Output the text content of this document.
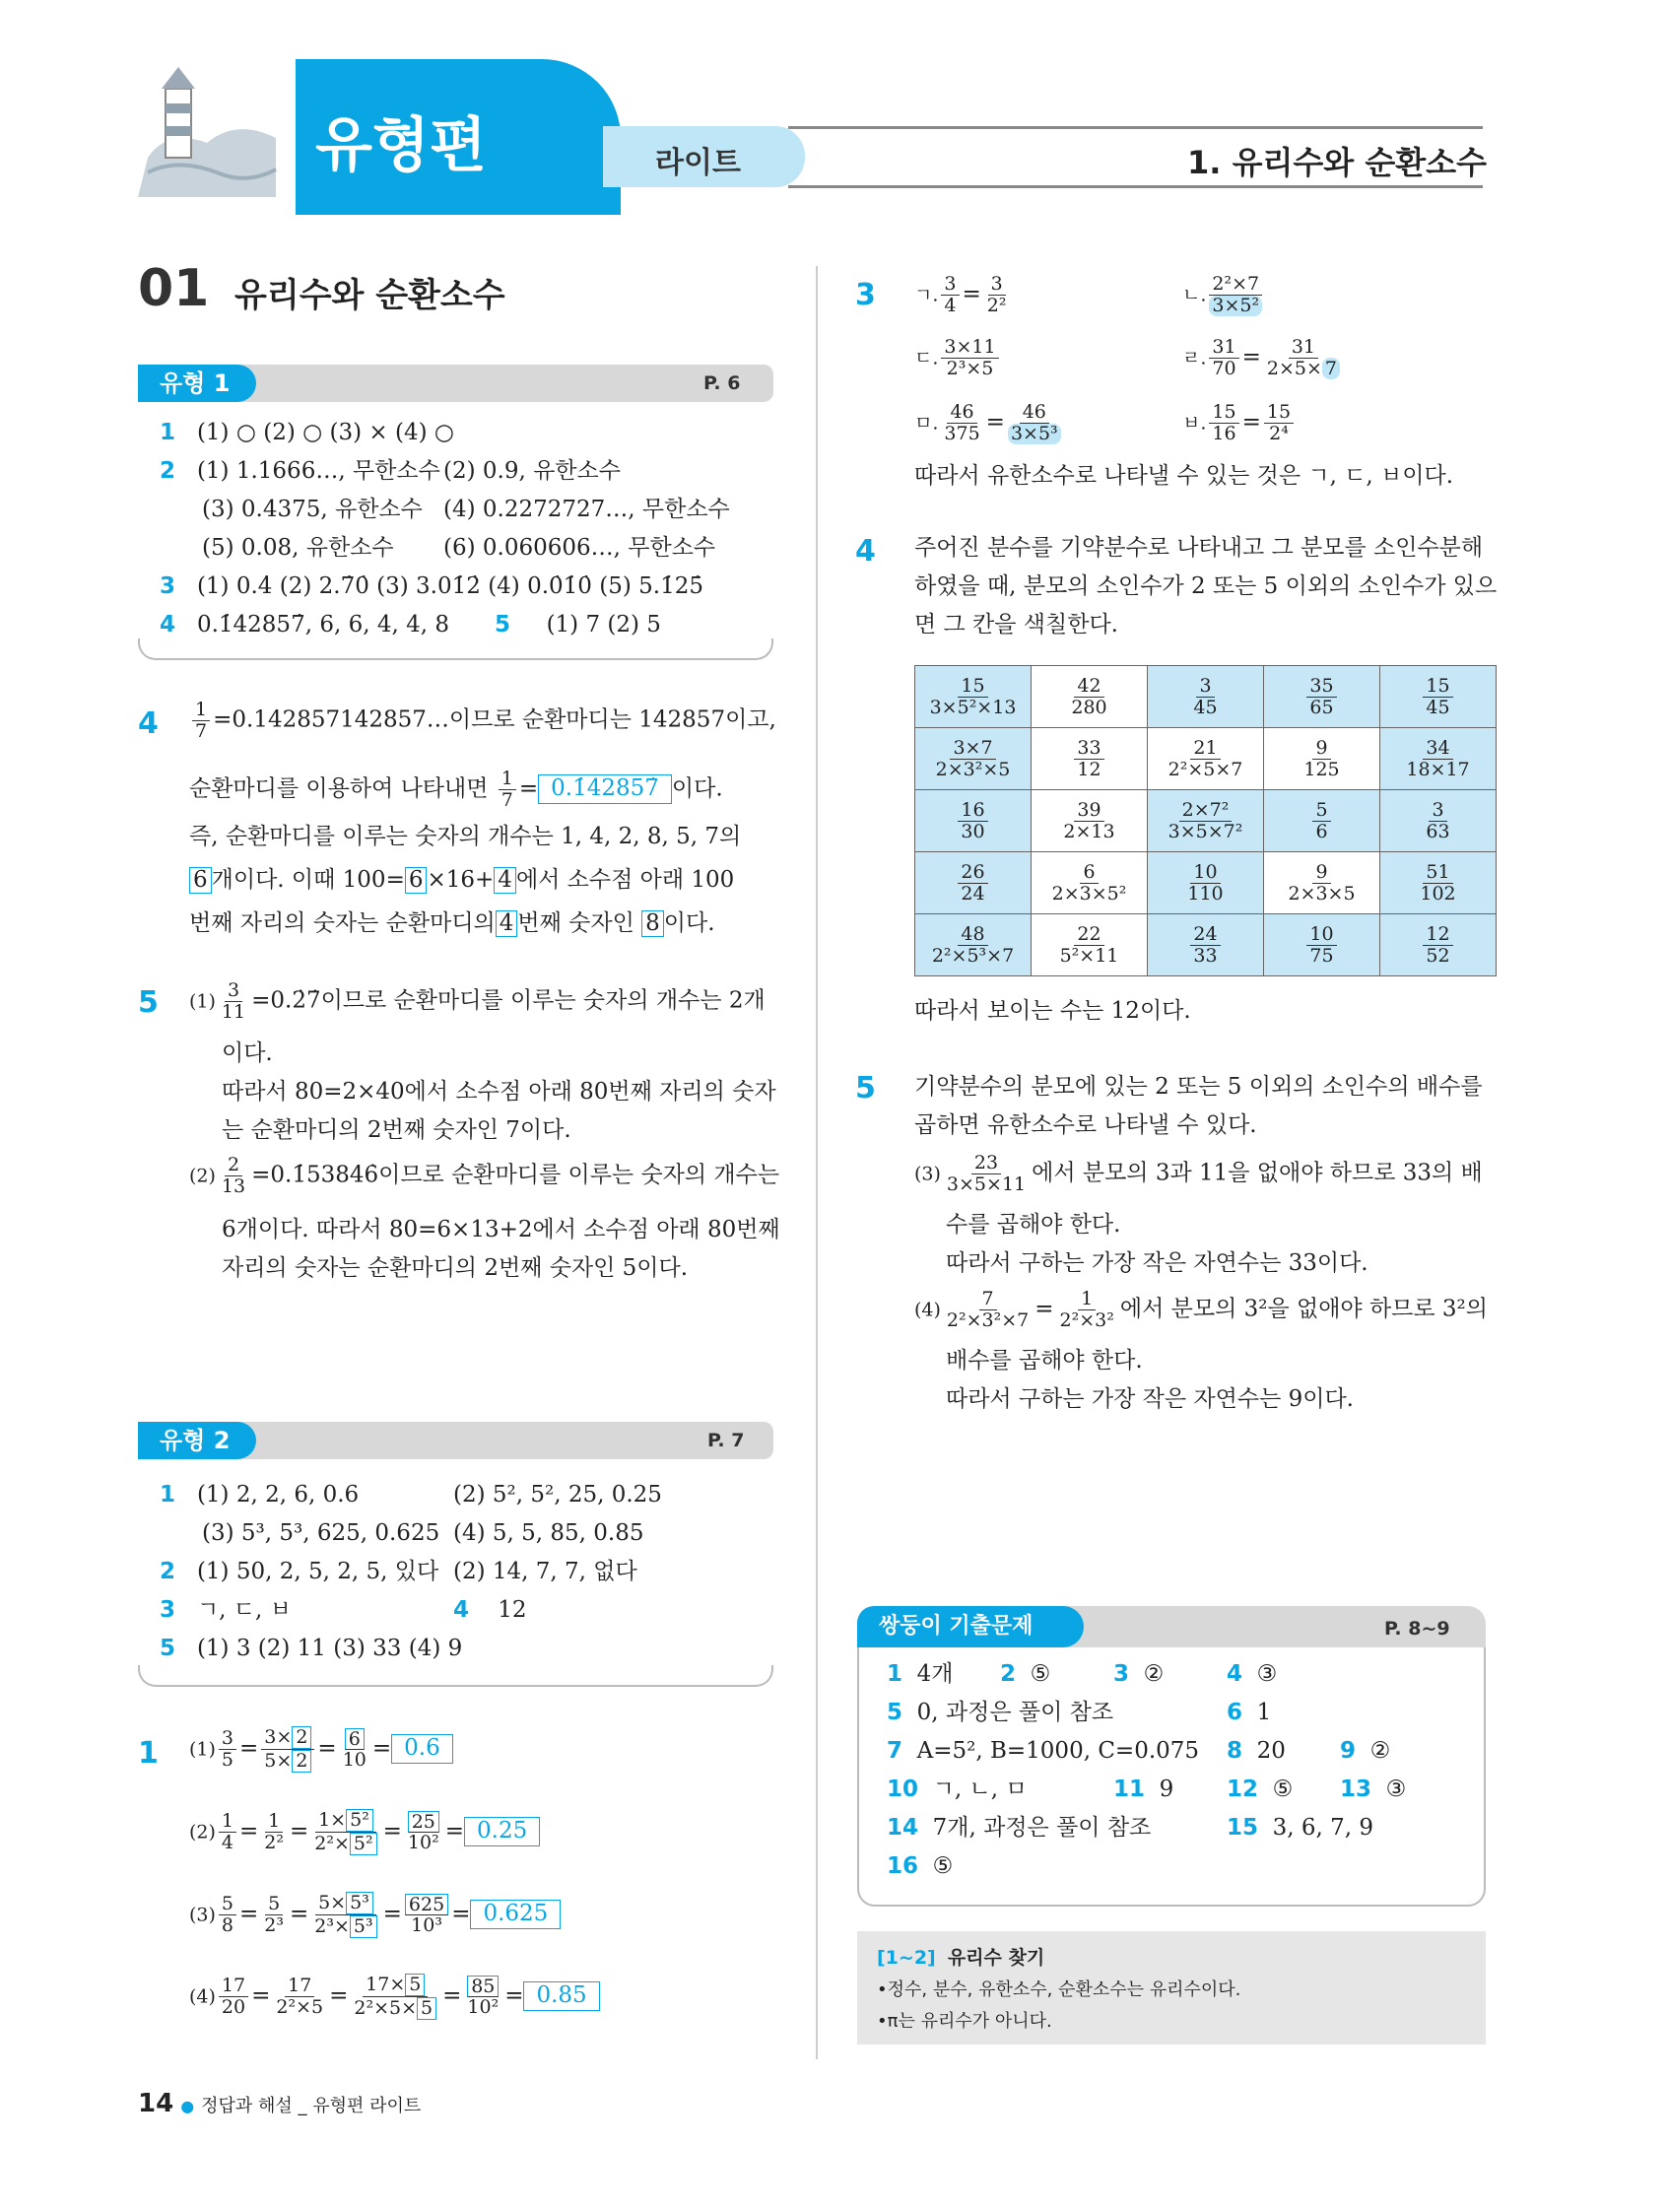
유형편	라이트	1. 유리수와 순환소수
01 유리수와 순환소수
유형 1	P. 6
1 (1) ○ (2) ○ (3) × (4) ○
2 (1) 1.1666…, 무한소수 (2) 0.9, 유한소수
(3) 0.4375, 유한소수 (4) 0.2272727…, 무한소수
(5) 0.08, 유한소수 (6) 0.060606…, 무한소수
3 (1) 0.4̇ (2) 2.7̇0̇ (3) 3.01̇2̇ (4) 0.0̇1̇0̇ (5) 5.1̇25̇
4 0.1̇42857̇, 6, 6, 4, 4, 8 5 (1) 7 (2) 5
$4 \frac{1}{7}$ =0.142857142857…이므로 순환마디는 142857이고,
순환마디를 이용하여 나타내면 $\frac{1}{7}$ = 0.1̇42857̇ 이다.
즉, 순환마디를 이루는 숫자의 개수는 1, 4, 2, 8, 5, 7의
6 개이다. 이때 100= 6 ×16+ 4 에서 소수점 아래 100
번째 자리의 숫자는 순환마디의 4 번째 숫자인 8 이다.
5 $(1) \frac{3}{11}$ =0.2̇7̇이므로 순환마디를 이루는 숫자의 개수는 2개
이다.
따라서 80=2×40에서 소수점 아래 80번째 자리의 숫자
는 순환마디의 2번째 숫자인 7이다.
$(2) \frac{2}{13}$ =0.1̇53846̇이므로 순환마디를 이루는 숫자의 개수는
6개이다. 따라서 80=6×13+2에서 소수점 아래 80번째
자리의 숫자는 순환마디의 2번째 숫자인 5이다.
유형 2	P. 7
1 (1) 2, 2, 6, 0.6	(2) 5², 5², 25, 0.25
(3) 5³, 5³, 625, 0.625 (4) 5, 5, 85, 0.85
2 (1) 50, 2, 5, 2, 5, 있다 (2) 14, 7, 7, 없다
3 ㄱ, ㄷ, ㅂ	4 12
5 (1) 3 (2) 11 (3) 33 (4) 9
1 $(1) \frac{3}{5} = \frac{3\times 2}{5\times 2} = \frac{6}{10} = 0.6$
$(2) \frac{1}{4} = \frac{1}{\text{2²}} = \frac{\text{1× 5²}}{\text{2²× 5²}} = \frac{25}{\text{10²}} = 0.25$
$(3) \frac{5}{8} = \frac{5}{\text{2³}} = \frac{\text{5× 5³}}{\text{2³× 5³}} = \frac{625}{\text{10³}} = 0.625$
$(4) \frac{17}{20} = \frac{17}{\text{2²×5}} = \frac{17\times 5}{\text{2²×5× 5}} = \frac{85}{\text{10²}} = 0.85$
14 ● 정답과 해설 _ 유형편 라이트
3 ㄱ. $\frac{3}{4} = \frac{3}{\text{2²}}$	ㄴ. $\frac{\text{2²×7}}{\text{3×5²}}$
ㄷ. $\frac{3\times 11}{\text{2³×5}}$	ㄹ. $\frac{31}{70} = \frac{31}{2\times 5\times 7}$
ㅁ. $\frac{46}{375} = \frac{46}{\text{3×5³}}$	ㅂ. $\frac{15}{16} = \frac{15}{\text{2⁴}}$
따라서 유한소수로 나타낼 수 있는 것은 ㄱ, ㄷ, ㅂ이다.
4 주어진 분수를 기약분수로 나타내고 그 분모를 소인수분해
하였을 때, 분모의 소인수가 2 또는 5 이외의 소인수가 있으
면 그 칸을 색칠한다.
$\frac{15}{\text{3×5²×13}}$	$\frac{42}{280}$	$\frac{3}{45}$	$\frac{35}{65}$	$\frac{15}{45}$

$\frac{3\times 7}{\text{2×3²×5}}$	$\frac{33}{12}$	$\frac{21}{\text{2²×5×7}}$	$\frac{9}{125}$	$\frac{34}{18\times 17}$

$\frac{16}{30}$	$\frac{39}{2\times 13}$	$\frac{\text{2×7²}}{\text{3×5×7²}}$	$\frac{5}{6}$	$\frac{3}{63}$

$\frac{26}{24}$	$\frac{6}{\text{2×3×5²}}$	$\frac{10}{110}$	$\frac{9}{2\times 3\times 5}$	$\frac{51}{102}$

$\frac{48}{\text{2²×5³×7}}$	$\frac{22}{\text{5²×11}}$	$\frac{24}{33}$	$\frac{10}{75}$	$\frac{12}{52}$
따라서 보이는 수는 12이다.
5 기약분수의 분모에 있는 2 또는 5 이외의 소인수의 배수를
곱하면 유한소수로 나타낼 수 있다.
$(3) \frac{23}{3\times 5\times 11}$ 에서 분모의 3과 11을 없애야 하므로 33의 배
수를 곱해야 한다.
따라서 구하는 가장 작은 자연수는 33이다.
$(4) \frac{7}{\text{2²×3²×7}} = \frac{1}{\text{2²×3²}}$ 에서 분모의 3²을 없애야 하므로 3²의
배수를 곱해야 한다.
따라서 구하는 가장 작은 자연수는 9이다.
쌍둥이 기출문제	P. 8~9
1  4개 2  ⑤	3  ②	4  ③
5  0, 과정은 풀이 참조	6  1
7  A=5², B=1000, C=0.075 8  20 9  ②
10  ㄱ, ㄴ, ㅁ	11  9 12  ⑤ 13  ③
14  7개, 과정은 풀이 참조	15  3, 6, 7, 9
16  ⑤
[1~2] 유리수 찾기
•정수, 분수, 유한소수, 순환소수는 유리수이다.
•π는 유리수가 아니다.
